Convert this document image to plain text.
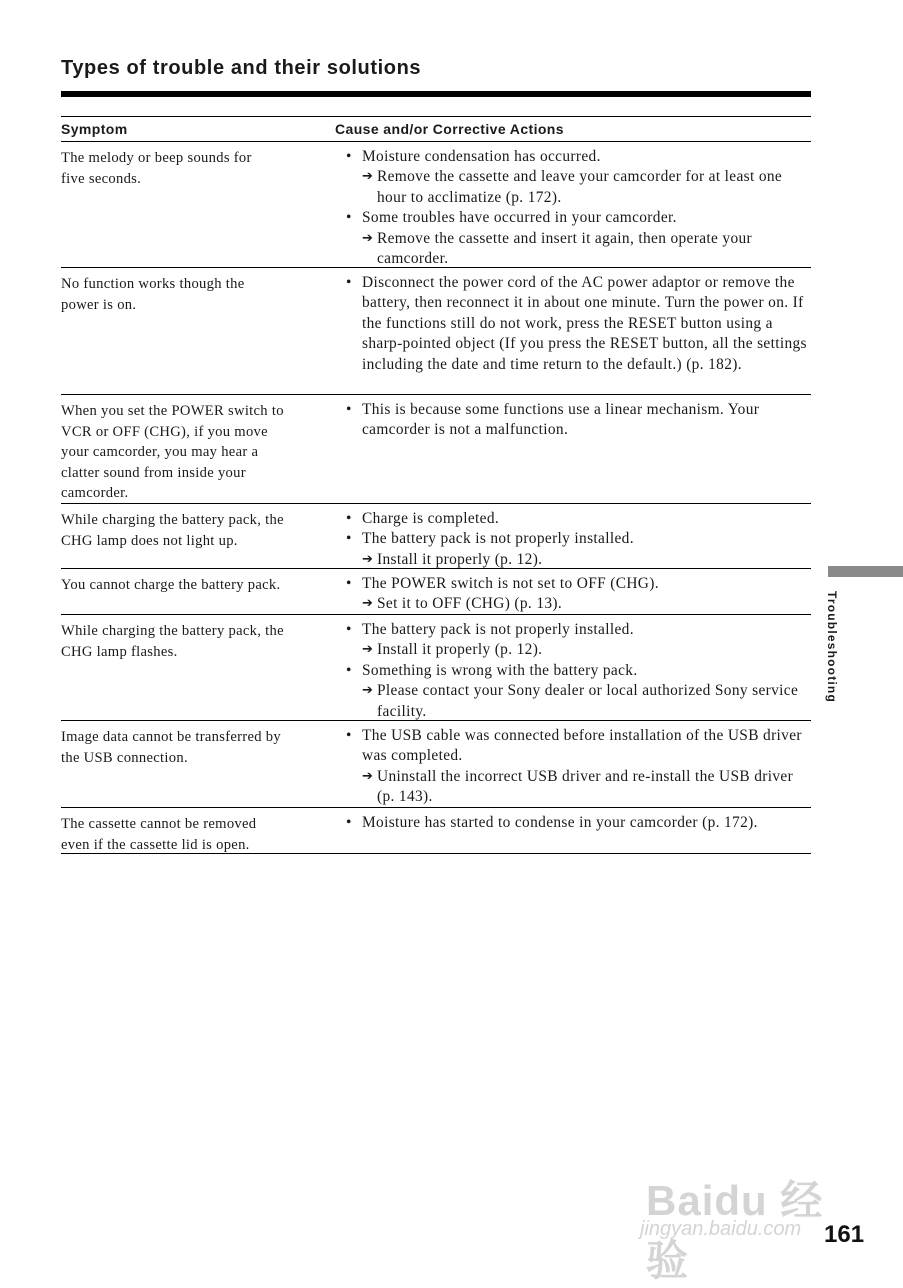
Types of trouble and their solutions
Symptom	Cause and/or Corrective Actions
The melody or beep sounds for
five seconds.
• Moisture condensation has occurred.
➔ Remove the cassette and leave your camcorder for at least one hour to acclimatize (p. 172).
• Some troubles have occurred in your camcorder.
➔ Remove the cassette and insert it again, then operate your camcorder.
No function works though the
power is on.
• Disconnect the power cord of the AC power adaptor or remove the battery, then reconnect it in about one minute. Turn the power on. If the functions still do not work, press the RESET button using a sharp-pointed object (If you press the RESET button, all the settings including the date and time return to the default.) (p. 182).
When you set the POWER switch to
VCR or OFF (CHG), if you move
your camcorder, you may hear a
clatter sound from inside your
camcorder.
• This is because some functions use a linear mechanism. Your camcorder is not a malfunction.
While charging the battery pack, the
CHG lamp does not light up.
• Charge is completed.
• The battery pack is not properly installed.
➔ Install it properly (p. 12).
You cannot charge the battery pack.	• The POWER switch is not set to OFF (CHG).
➔ Set it to OFF (CHG) (p. 13).
While charging the battery pack, the
CHG lamp flashes.
• The battery pack is not properly installed.
➔ Install it properly (p. 12).
• Something is wrong with the battery pack.
➔ Please contact your Sony dealer or local authorized Sony service facility.
Image data cannot be transferred by
the USB connection.
• The USB cable was connected before installation of the USB driver was completed.
➔ Uninstall the incorrect USB driver and re-install the USB driver (p. 143).
The cassette cannot be removed
even if the cassette lid is open.
• Moisture has started to condense in your camcorder (p. 172).
Troubleshooting
Baidu 经验
jingyan.baidu.com 161
